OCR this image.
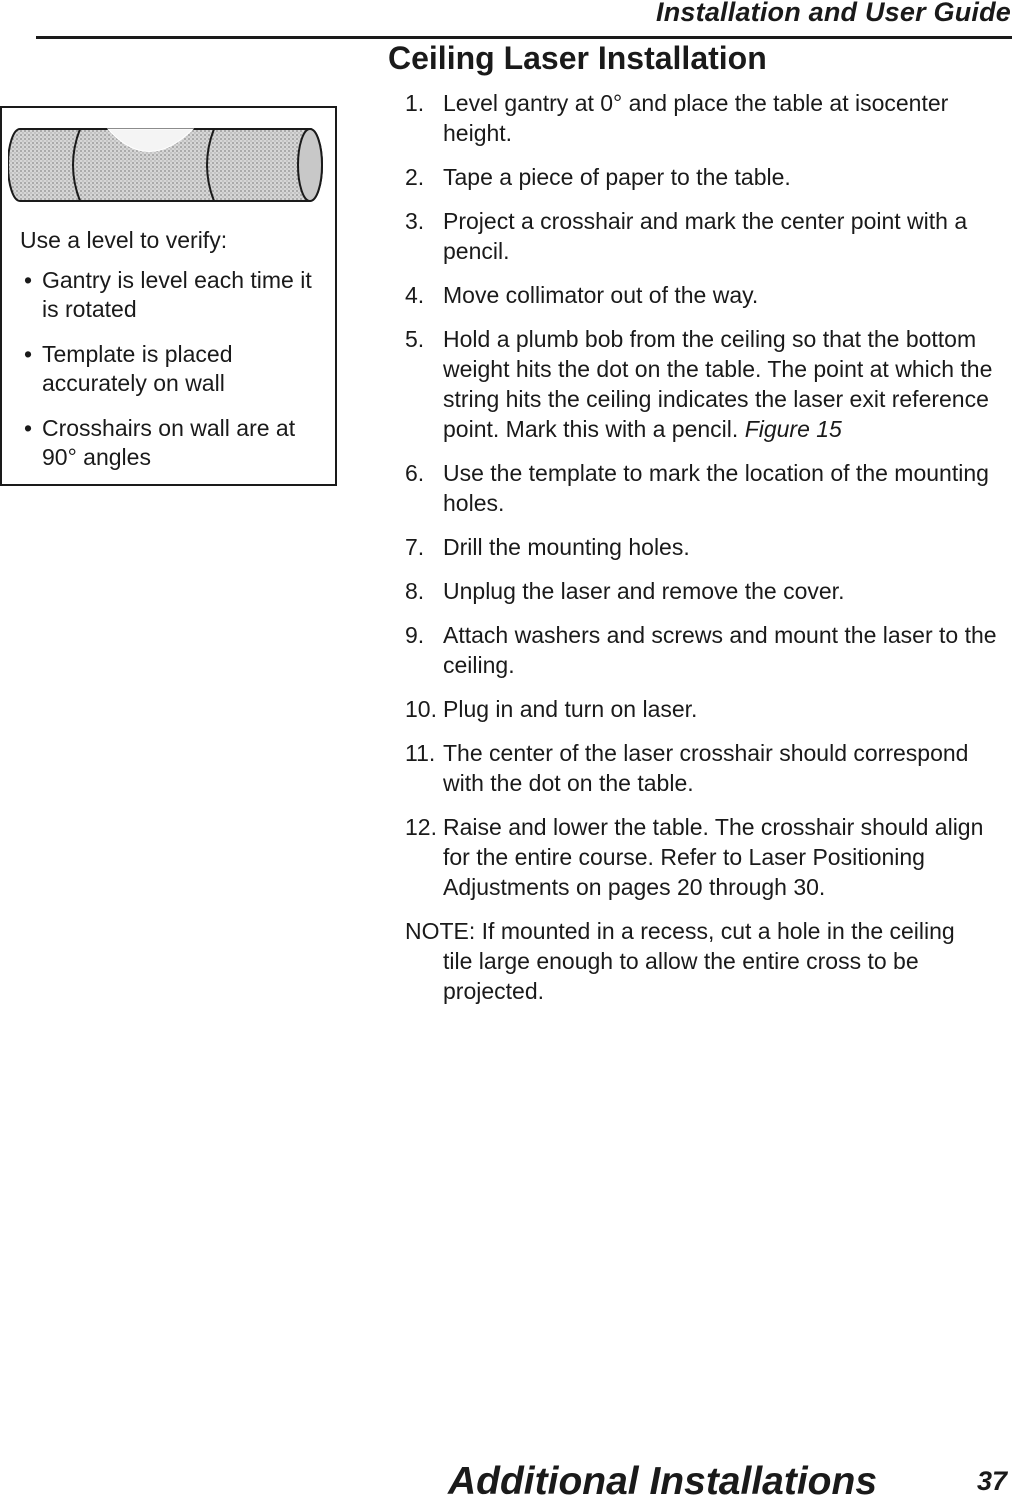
Installation and User Guide
Ceiling Laser Installation
Use a level to verify:
• Gantry is level each time it is rotated
• Template is placed accurately on wall
• Crosshairs on wall are at 90° angles
1. Level gantry at 0° and place the table at isocenter height.
2. Tape a piece of paper to the table.
3. Project a crosshair and mark the center point with a pencil.
4. Move collimator out of the way.
5. Hold a plumb bob from the ceiling so that the bottom weight hits the dot on the table. The point at which the string hits the ceiling indicates the laser exit reference point. Mark this with a pencil. Figure 15
6. Use the template to mark the location of the mounting holes.
7. Drill the mounting holes.
8. Unplug the laser and remove the cover.
9. Attach washers and screws and mount the laser to the ceiling.
10. Plug in and turn on laser.
11. The center of the laser crosshair should correspond with the dot on the table.
12. Raise and lower the table. The crosshair should align for the entire course. Refer to Laser Positioning Adjustments on pages 20 through 30.
NOTE: If mounted in a recess, cut a hole in the ceiling
tile large enough to allow the entire cross to be projected.
Additional Installations	37
